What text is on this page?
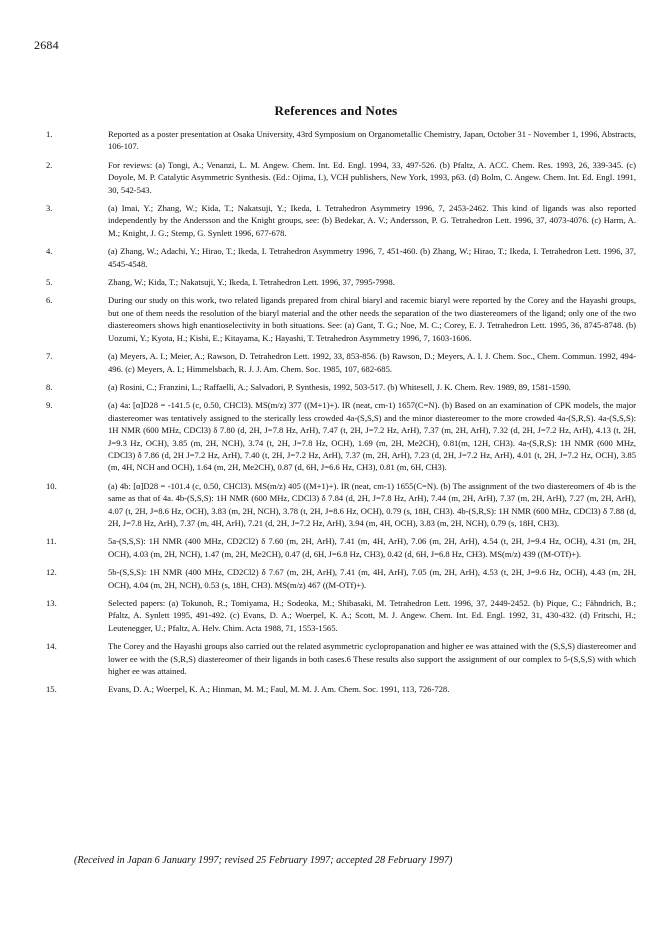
2684
References and Notes
1.	Reported as a poster presentation at Osaka University, 43rd Symposium on Organometallic Chemistry, Japan, October 31 - November 1, 1996, Abstracts, 106-107.
2.	For reviews: (a) Tongi, A.; Venanzi, L. M. Angew. Chem. Int. Ed. Engl. 1994, 33, 497-526. (b) Pfaltz, A. ACC. Chem. Res. 1993, 26, 339-345. (c) Doyole, M. P. Catalytic Asymmetric Synthesis. (Ed.: Ojima, I.), VCH publishers, New York, 1993, p63. (d) Bolm, C. Angew. Chem. Int. Ed. Engl. 1991, 30, 542-543.
3.	(a) Imai, Y.; Zhang, W.; Kida, T.; Nakatsuji, Y.; Ikeda, I. Tetrahedron Asymmetry 1996, 7, 2453-2462. This kind of ligands was also reported independently by the Andersson and the Knight groups, see: (b) Bedekar, A. V.; Andersson, P. G. Tetrahedron Lett. 1996, 37, 4073-4076. (c) Harm, A. M.; Knight, J. G.; Stemp, G. Synlett 1996, 677-678.
4.	(a) Zhang, W.; Adachi, Y.; Hirao, T.; Ikeda, I. Tetrahedron Asymmetry 1996, 7, 451-460. (b) Zhang, W.; Hirao, T.; Ikeda, I. Tetrahedron Lett. 1996, 37, 4545-4548.
5.	Zhang, W.; Kida, T.; Nakatsuji, Y.; Ikeda, I. Tetrahedron Lett. 1996, 37, 7995-7998.
6.	During our study on this work, two related ligands prepared from chiral biaryl and racemic biaryl were reported by the Corey and the Hayashi groups, but one of them needs the resolution of the biaryl material and the other needs the separation of the two diastereomers of the ligand; only one of the two diastereomers shows high enantioselectivity in both situations. See: (a) Gant, T. G.; Noe, M. C.; Corey, E. J. Tetrahedron Lett. 1995, 36, 8745-8748. (b) Uozumi, Y.; Kyota, H.; Kishi, E.; Kitayama, K.; Hayashi, T. Tetrahedron Asymmetry 1996, 7, 1603-1606.
7.	(a) Meyers, A. I.; Meier, A.; Rawson, D. Tetrahedron Lett. 1992, 33, 853-856. (b) Rawson, D.; Meyers, A. I. J. Chem. Soc., Chem. Commun. 1992, 494-496. (c) Meyers, A. I.; Himmelsbach, R. J. J. Am. Chem. Soc. 1985, 107, 682-685.
8.	(a) Rosini, C.; Franzini, L.; Raffaelli, A.; Salvadori, P. Synthesis, 1992, 503-517. (b) Whitesell, J. K. Chem. Rev. 1989, 89, 1581-1590.
9.	(a) 4a: [α]D28 = -141.5 (c, 0.50, CHCl3). MS(m/z) 377 ((M+1)+). IR (neat, cm-1) 1657(C=N). (b) Based on an examination of CPK models, the major diastereomer was tentatively assigned to the sterically less crowded 4a-(S,S,S) and the minor diastereomer to the more crowded 4a-(S,R,S). 4a-(S,S,S): 1H NMR (600 MHz, CDCl3) δ 7.80 (d, 2H, J=7.8 Hz, ArH), 7.47 (t, 2H, J=7.2 Hz, ArH), 7.37 (m, 2H, ArH), 7.32 (d, 2H, J=7.2 Hz, ArH), 4.13 (t, 2H, J=9.3 Hz, OCH), 3.85 (m, 2H, NCH), 3.74 (t, 2H, J=7.8 Hz, OCH), 1.69 (m, 2H, Me2CH), 0.81(m, 12H, CH3). 4a-(S,R,S): 1H NMR (600 MHz, CDCl3) δ 7.86 (d, 2H J=7.2 Hz, ArH), 7.40 (t, 2H, J=7.2 Hz, ArH), 7.37 (m, 2H, ArH), 7.23 (d, 2H, J=7.2 Hz, ArH), 4.01 (t, 2H, J=7.2 Hz, OCH), 3.85 (m, 4H, NCH and OCH), 1.64 (m, 2H, Me2CH), 0.87 (d, 6H, J=6.6 Hz, CH3), 0.81 (m, 6H, CH3).
10.	(a) 4b: [α]D28 = -101.4 (c, 0.50, CHCl3). MS(m/z) 405 ((M+1)+). IR (neat, cm-1) 1655(C=N). (b) The assignment of the two diastereomers of 4b is the same as that of 4a. 4b-(S,S,S): 1H NMR (600 MHz, CDCl3) δ 7.84 (d, 2H, J=7.8 Hz, ArH), 7.44 (m, 2H, ArH), 7.37 (m, 2H, ArH), 7.27 (m, 2H, ArH), 4.07 (t, 2H, J=8.6 Hz, OCH), 3.83 (m, 2H, NCH), 3.78 (t, 2H, J=8.6 Hz, OCH), 0.79 (s, 18H, CH3). 4b-(S,R,S): 1H NMR (600 MHz, CDCl3) δ 7.88 (d, 2H, J=7.8 Hz, ArH), 7.37 (m, 4H, ArH), 7.21 (d, 2H, J=7.2 Hz, ArH), 3.94 (m, 4H, OCH), 3.83 (m, 2H, NCH), 0.79 (s, 18H, CH3).
11.	5a-(S,S,S): 1H NMR (400 MHz, CD2Cl2) δ 7.60 (m, 2H, ArH), 7.41 (m, 4H, ArH), 7.06 (m, 2H, ArH), 4.54 (t, 2H, J=9.4 Hz, OCH), 4.31 (m, 2H, OCH), 4.03 (m, 2H, NCH), 1.47 (m, 2H, Me2CH), 0.47 (d, 6H, J=6.8 Hz, CH3), 0.42 (d, 6H, J=6.8 Hz, CH3). MS(m/z) 439 ((M-OTf)+).
12.	5b-(S,S,S): 1H NMR (400 MHz, CD2Cl2) δ 7.67 (m, 2H, ArH), 7.41 (m, 4H, ArH), 7.05 (m, 2H, ArH), 4.53 (t, 2H, J=9.6 Hz, OCH), 4.43 (m, 2H, OCH), 4.04 (m, 2H, NCH), 0.53 (s, 18H, CH3). MS(m/z) 467 ((M-OTf)+).
13.	Selected papers: (a) Tokunoh, R.; Tomiyama, H.; Sodeoka, M.; Shibasaki, M. Tetrahedron Lett. 1996, 37, 2449-2452. (b) Pique, C.; Fähndrich, B.; Pfaltz, A. Synlett 1995, 491-492. (c) Evans, D. A.; Woerpel, K. A.; Scott, M. J. Angew. Chem. Int. Ed. Engl. 1992, 31, 430-432. (d) Fritschi, H.; Leutenegger, U.; Pfaltz, A. Helv. Chim. Acta 1988, 71, 1553-1565.
14.	The Corey and the Hayashi groups also carried out the related asymmetric cyclopropanation and higher ee was attained with the (S,S,S) diastereomer and lower ee with the (S,R,S) diastereomer of their ligands in both cases.6 These results also support the assignment of our complex to 5-(S,S,S) with which higher ee was attained.
15.	Evans, D. A.; Woerpel, K. A.; Hinman, M. M.; Faul, M. M. J. Am. Chem. Soc. 1991, 113, 726-728.
(Received in Japan 6 January 1997; revised 25 February 1997; accepted 28 February 1997)
